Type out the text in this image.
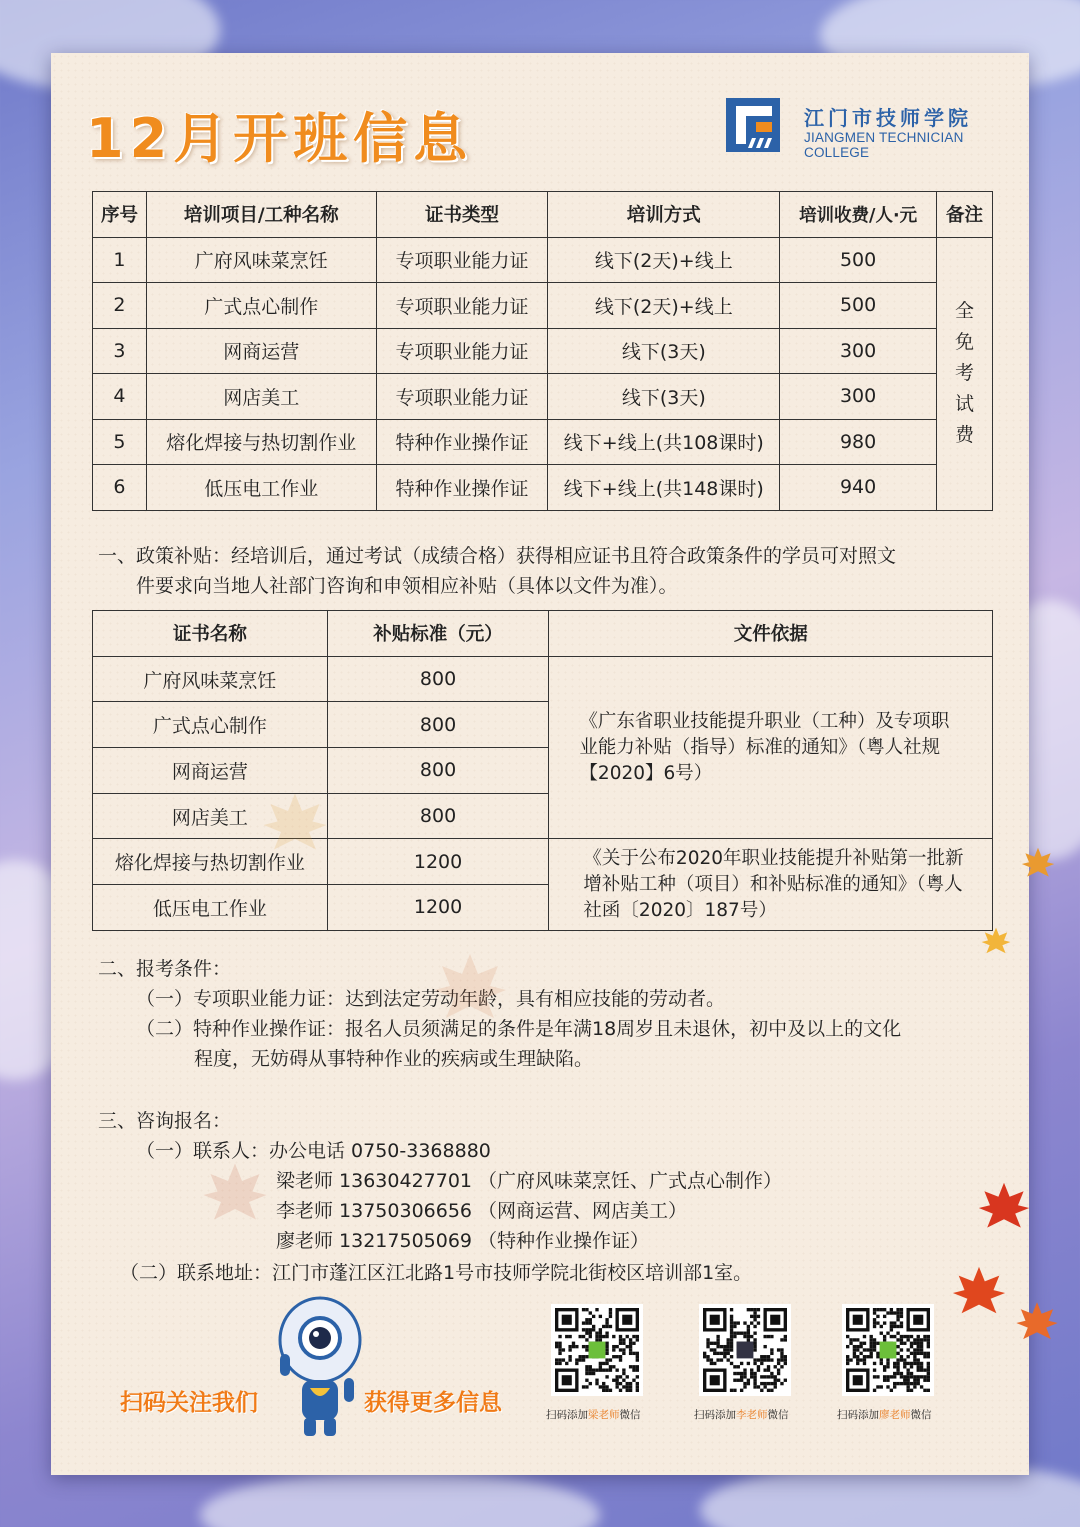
12月开班信息	江门市技师学院
JIANGMEN TECHNICIAN COLLEGE
序号	培训项目/工种名称	证书类型	培训方式	培训收费/人·元	备注
1	广府风味菜烹饪	专项职业能力证	线下(2天)+线上	500	全免考试费

2	广式点心制作	专项职业能力证	线下(2天)+线上	500	
3	网商运营	专项职业能力证	线下(3天)	300	
4	网店美工	专项职业能力证	线下(3天)	300	
5	熔化焊接与热切割作业	特种作业操作证	线下+线上(共108课时)	980	
6	低压电工作业	特种作业操作证	线下+线上(共148课时)	940	
一、政策补贴：经培训后，通过考试（成绩合格）获得相应证书且符合政策条件的学员可对照文
件要求向当地人社部门咨询和申领相应补贴（具体以文件为准）。
证书名称	补贴标准（元）	文件依据
广府风味菜烹饪	800	《广东省职业技能提升职业（工种）及专项职业能力补贴（指导）标准的通知》（粤人社规【2020】6号）
广式点心制作	800	
网商运营	800	
网店美工	800	
熔化焊接与热切割作业	1200	《关于公布2020年职业技能提升补贴第一批新增补贴工种（项目）和补贴标准的通知》（粤人社函〔2020〕187号）
低压电工作业	1200	
二、报考条件：
（一）专项职业能力证：达到法定劳动年龄，具有相应技能的劳动者。
（二）特种作业操作证：报名人员须满足的条件是年满18周岁且未退休，初中及以上的文化
程度，无妨碍从事特种作业的疾病或生理缺陷。
三、咨询报名：
（一）联系人：办公电话 0750-3368880
梁老师 13630427701 （广府风味菜烹饪、广式点心制作）
李老师 13750306656 （网商运营、网店美工）
廖老师 13217505069 （特种作业操作证）
（二）联系地址：江门市蓬江区江北路1号市技师学院北街校区培训部1室。
扫码关注我们	获得更多信息	扫码添加梁老师微信	扫码添加李老师微信	扫码添加廖老师微信
